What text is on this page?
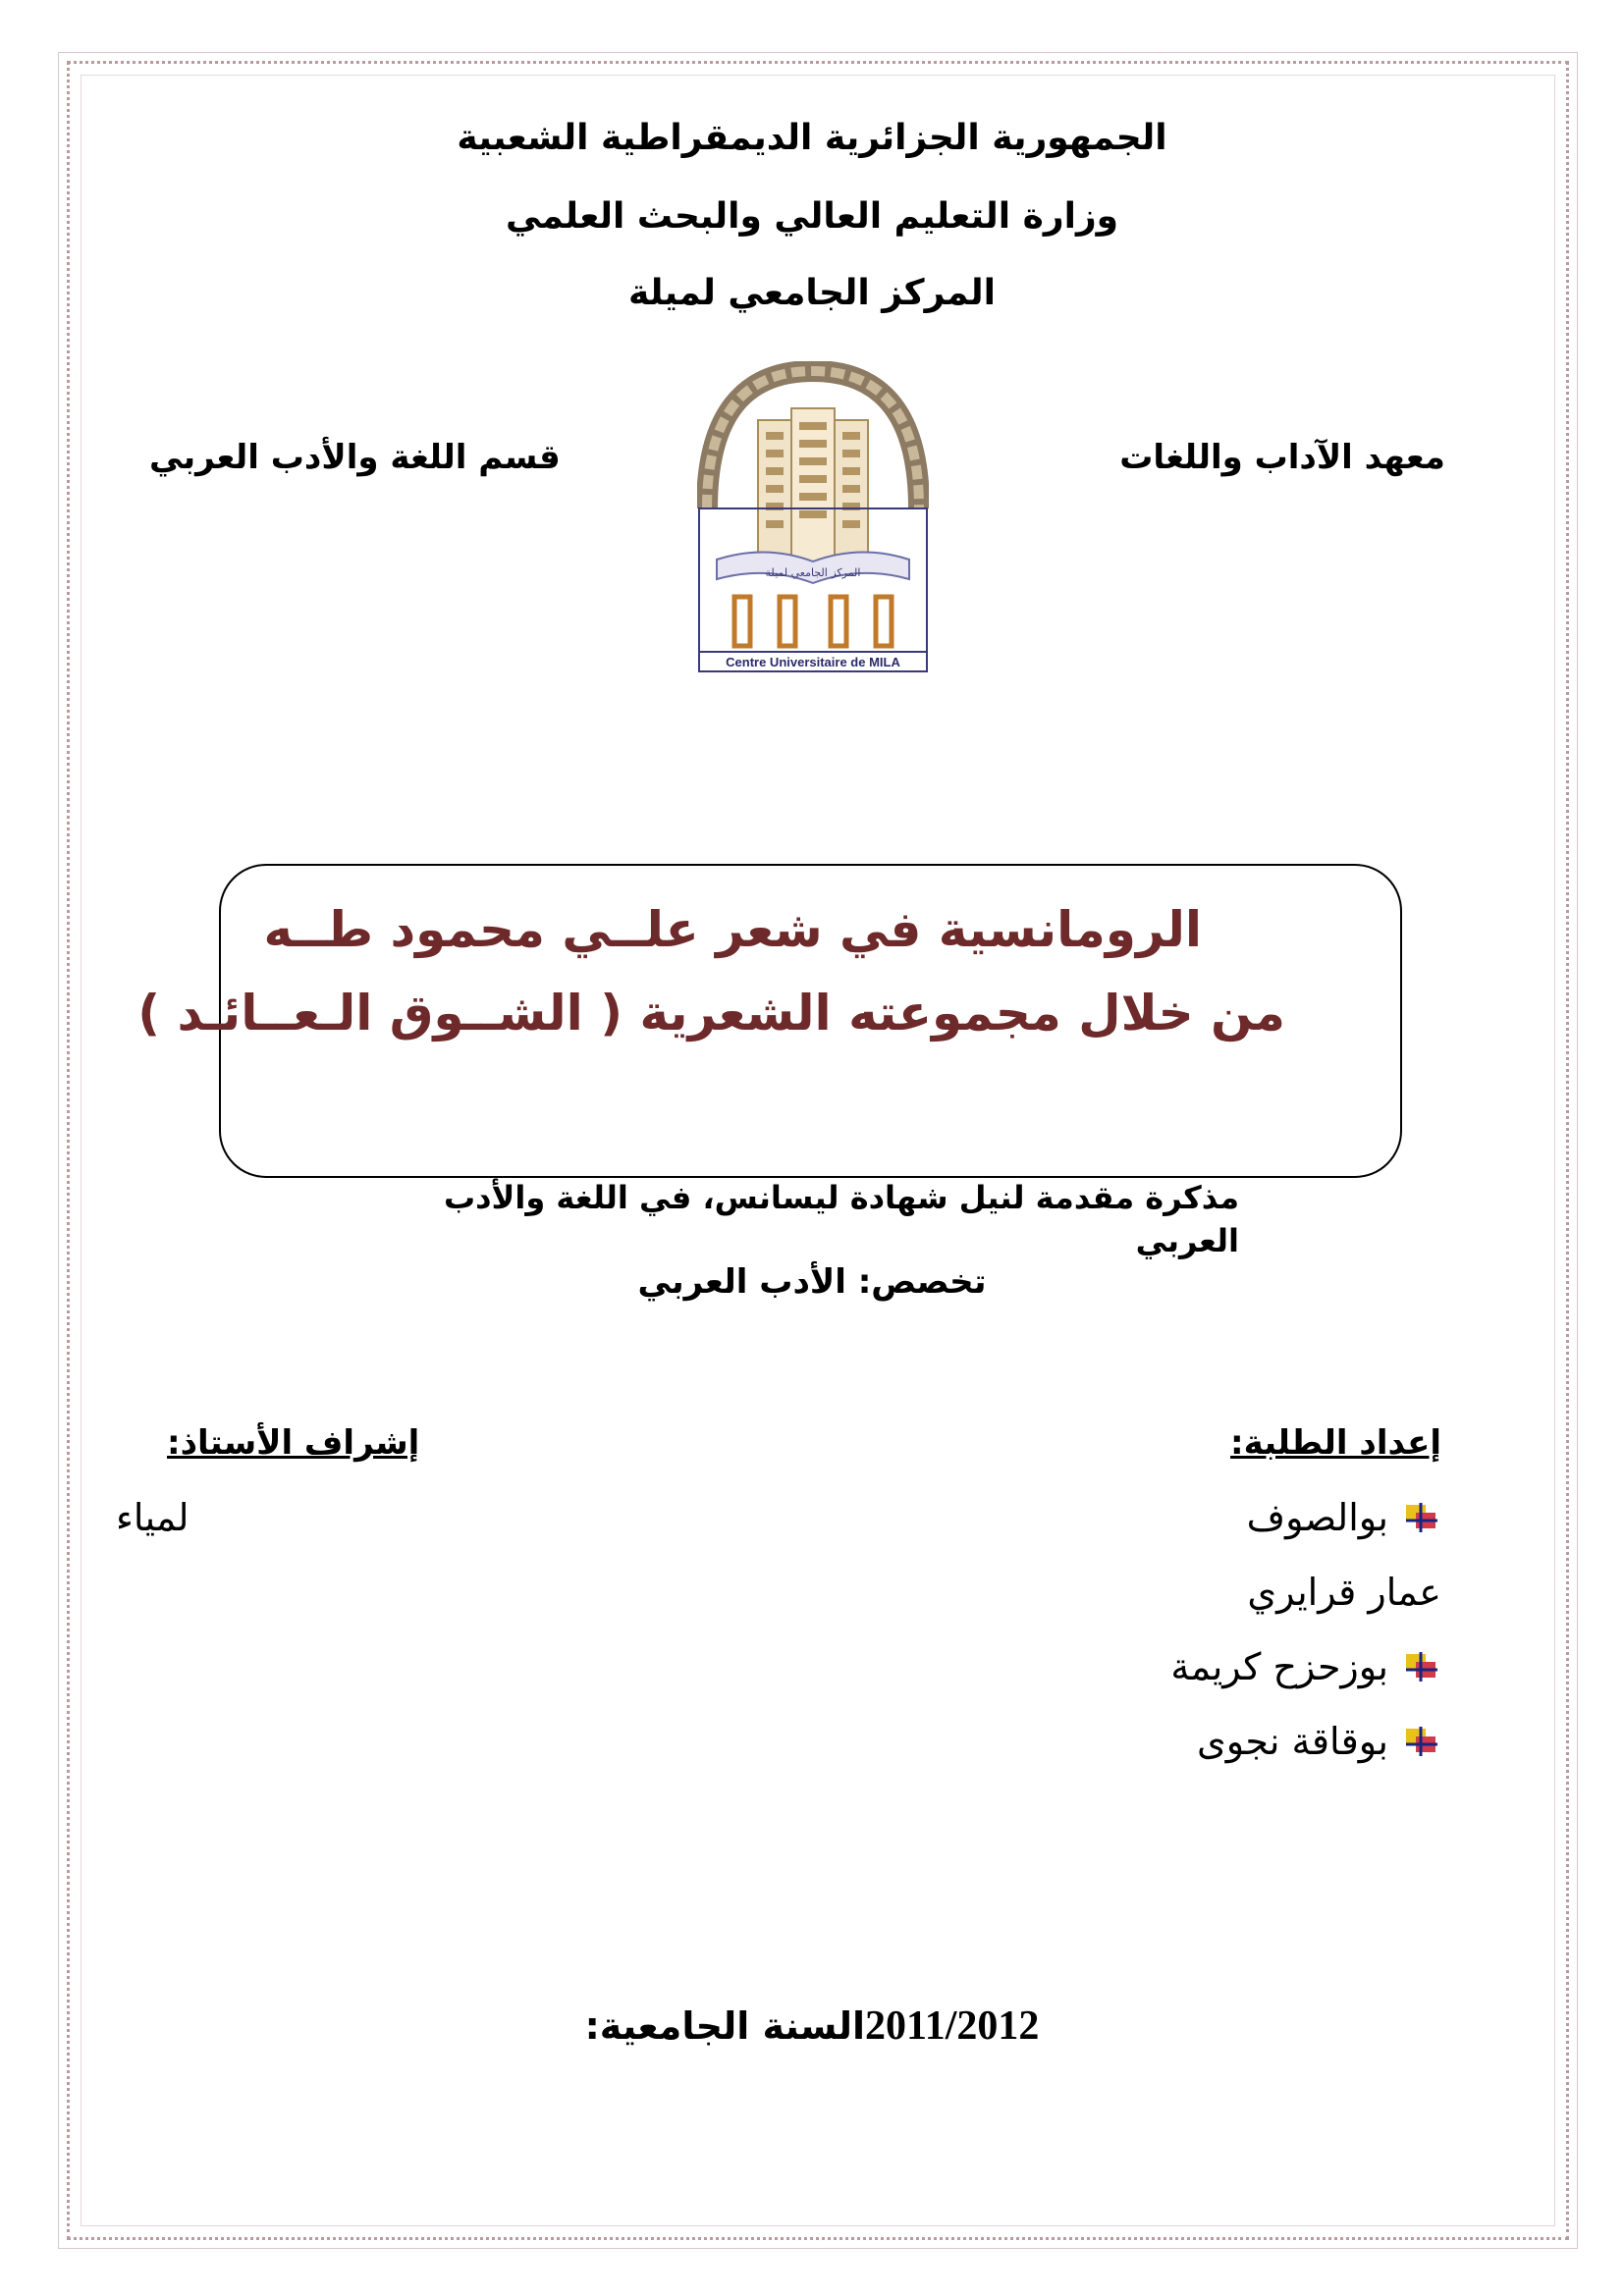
الجمهورية الجزائرية الديمقراطية الشعبية
وزارة التعليم العالي والبحث العلمي
المركز الجامعي لميلة
معهد الآداب واللغات
قسم اللغة والأدب العربي
المركز الجامعي لميلة
Centre Universitaire de MILA
الرومانسية في شعر علــي محمود طــه
من خلال مجموعته الشعرية ( الشــوق الـعــائـد )
مذكرة مقدمة لنيل شهادة ليسانس، في اللغة والأدب العربي
تخصص: الأدب العربي
إعداد الطلبة:
إشراف الأستاذ:
بوالصوف
عمار قرايري
بوزحزح كريمة
بوقاقة نجوى
لمياء
2011/2012السنة الجامعية:
